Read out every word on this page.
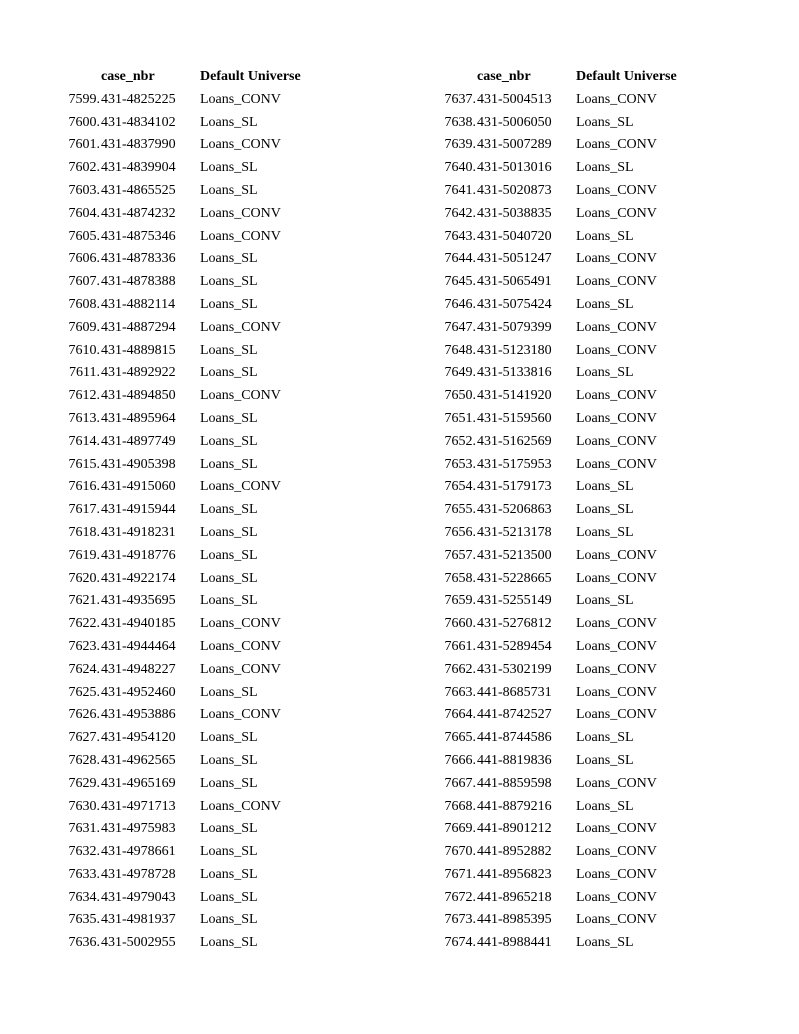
	case_nbr	Default Universe
7599.	431-4825225	Loans_CONV
7600.	431-4834102	Loans_SL
7601.	431-4837990	Loans_CONV
7602.	431-4839904	Loans_SL
7603.	431-4865525	Loans_SL
7604.	431-4874232	Loans_CONV
7605.	431-4875346	Loans_CONV
7606.	431-4878336	Loans_SL
7607.	431-4878388	Loans_SL
7608.	431-4882114	Loans_SL
7609.	431-4887294	Loans_CONV
7610.	431-4889815	Loans_SL
7611.	431-4892922	Loans_SL
7612.	431-4894850	Loans_CONV
7613.	431-4895964	Loans_SL
7614.	431-4897749	Loans_SL
7615.	431-4905398	Loans_SL
7616.	431-4915060	Loans_CONV
7617.	431-4915944	Loans_SL
7618.	431-4918231	Loans_SL
7619.	431-4918776	Loans_SL
7620.	431-4922174	Loans_SL
7621.	431-4935695	Loans_SL
7622.	431-4940185	Loans_CONV
7623.	431-4944464	Loans_CONV
7624.	431-4948227	Loans_CONV
7625.	431-4952460	Loans_SL
7626.	431-4953886	Loans_CONV
7627.	431-4954120	Loans_SL
7628.	431-4962565	Loans_SL
7629.	431-4965169	Loans_SL
7630.	431-4971713	Loans_CONV
7631.	431-4975983	Loans_SL
7632.	431-4978661	Loans_SL
7633.	431-4978728	Loans_SL
7634.	431-4979043	Loans_SL
7635.	431-4981937	Loans_SL
7636.	431-5002955	Loans_SL
	case_nbr	Default Universe
7637.	431-5004513	Loans_CONV
7638.	431-5006050	Loans_SL
7639.	431-5007289	Loans_CONV
7640.	431-5013016	Loans_SL
7641.	431-5020873	Loans_CONV
7642.	431-5038835	Loans_CONV
7643.	431-5040720	Loans_SL
7644.	431-5051247	Loans_CONV
7645.	431-5065491	Loans_CONV
7646.	431-5075424	Loans_SL
7647.	431-5079399	Loans_CONV
7648.	431-5123180	Loans_CONV
7649.	431-5133816	Loans_SL
7650.	431-5141920	Loans_CONV
7651.	431-5159560	Loans_CONV
7652.	431-5162569	Loans_CONV
7653.	431-5175953	Loans_CONV
7654.	431-5179173	Loans_SL
7655.	431-5206863	Loans_SL
7656.	431-5213178	Loans_SL
7657.	431-5213500	Loans_CONV
7658.	431-5228665	Loans_CONV
7659.	431-5255149	Loans_SL
7660.	431-5276812	Loans_CONV
7661.	431-5289454	Loans_CONV
7662.	431-5302199	Loans_CONV
7663.	441-8685731	Loans_CONV
7664.	441-8742527	Loans_CONV
7665.	441-8744586	Loans_SL
7666.	441-8819836	Loans_SL
7667.	441-8859598	Loans_CONV
7668.	441-8879216	Loans_SL
7669.	441-8901212	Loans_CONV
7670.	441-8952882	Loans_CONV
7671.	441-8956823	Loans_CONV
7672.	441-8965218	Loans_CONV
7673.	441-8985395	Loans_CONV
7674.	441-8988441	Loans_SL
